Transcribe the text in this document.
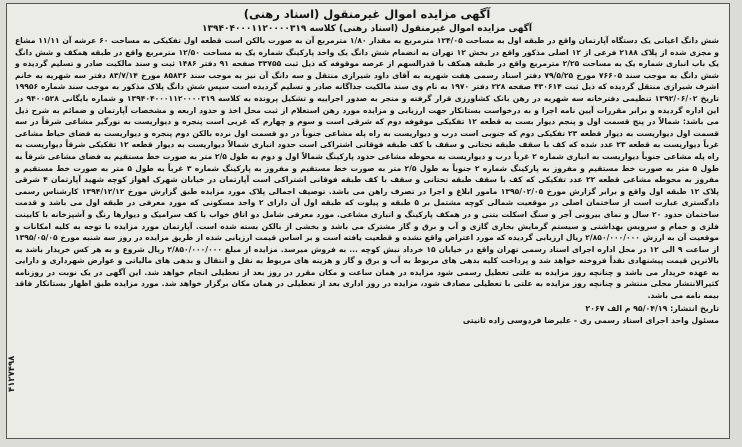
آگهی مزایده اموال غیرمنقول (اسناد رهنی)
آگهی مزایده اموال غیرمنقول (اسناد رهنی) کلاسه ۱۳۹۴۰۴۰۰۰۱۱۲۰۰۰۰۳۱۹

شش دانگ اعیانی یک دستگاه آپارتمان واقع در طبقه اول به مساحت ۱۲۴/۰۵ مترمربع به مقدار ۱/۸۰ مترمربع آن به صورت بالکن است قطعه اول تفکیکی به مساحت ۶۰ عرشه آن ۱۱/۱۱ مشاع و مجزی شده از پلاک ۲۱۸۸ فرعی از ۱۲ اصلی مذکور واقع در بخش ۱۲ تهران به انضمام شش دانگ یک واحد پارکینگ شماره یک به مساحت ۱۲/۵۰ مترمربع واقع در طبقه همکف و شش دانگ یک باب انباری شماره یک به مساحت ۲/۲۵ مترمربع واقع در طبقه همکف با قدرالسهم از عرصه موقوفه که ذیل ثبت ۳۳۷۵۵ صفحه ۹۱ دفتر ۱۴۸۶ ثبت و سند مالکیت صادر و تسلیم گردیده و شش دانگ به موجب سند ۷۶۶۰۵ مورخ ۷۹/۵/۲۵ دفتر اسناد رسمی هفت شهریه به آقای داود شیرازی منتقل و سه دانگ آن نیز به موجب سند ۸۵۸۳۶ مورخ ۸۳/۷/۱۴ دفتر سه شهریه به خانم اشرف شیرازی منتقل گردیده که ذیل ثبت ۴۳۰۶۱۴ صفحه ۲۲۸ دفتر ۱۹۷۰ به نام وی سند مالکیت جداگانه صادر و تسلیم گردیده است سپس شش دانگ پلاک مذکور به موجب سند شماره ۱۹۹۵۶ تاریخ ۱۳۹۲/۰۶/۰۲ تنظیمی دفترخانه سه شهریه در رهن بانک کشاورزی قرار گرفته و منجر به صدور اجراییه و تشکیل پرونده به کلاسه ۱۳۹۴۰۴۰۰۰۱۱۲۰۰۰۰۳۱۹ و شماره بایگانی ۹۴۰۰۵۲۸ در این اداره گردیده و برابر مقررات آیین نامه اجرا و به درخواست بستانکار جهت ارزیابی و مزایده مورد رهن استعلام از ثبت محل اخذ و حدود اربعه و مشخصات آپارتمان و ضمائم به شرح ذیل می باشد: شمالاً در پنج قسمت اول و پنجم دیوار بست به قطعه ۱۲ تفکیکی موقوفه دوم که شرقی است و سوم و چهارم که غربی است پنجره و دیواریست به نورگیر مشاعی شرقاً در سه قسمت اول دیواریست به دیوار قطعه ۲۳ تفکیکی دوم که جنوبی است درب و دیواریست به راه پله مشاعی جنوباً در دو قسمت اول نرده بالکن دوم پنجره و دیواریست به فضای حیاط مشاعی غرباً دیواریست به قطعه ۲۳ عدد شده که کف با سقف طبقه تحتانی و سقف با کف طبقه فوقانی اشتراکی است حدود انباری شمالاً دیواریست به دیوار قطعه ۱۲ تفکیکی شرقاً دیواریست به راه پله مشاعی جنوباً دیواریست به انباری شماره ۲ غرباً درب و دیواریست به محوطه مشاعی حدود پارکینگ شمالاً اول و دوم به طول ۲/۵ متر به صورت خط مستقیم به فضای مشاعی شرقاً به طول ۵ متر به صورت خط مستقیم و مفروز به پارکینگ شماره ۲ جنوباً به طول ۲/۵ متر به صورت خط مستقیم و مفروز به پارکینگ شماره ۳ غرباً به طول ۵ متر به صورت خط مستقیم و مفروز به محوطه مشاعی قطعه ۲۲ عدد تفکیکی که کف با سقف طبقه تحتانی و سقف با کف طبقه فوقانی اشتراکی است آپارتمان در خیابان شهرک اهواز کوچه شهید آپارتمان ۴ شرقی پلاک ۱۲ طبقه اول واقع و برابر گزارش مورخ ۱۳۹۵/۰۲/۰۵ مامور ابلاغ و اجرا در تصرف راهن می باشد. توصیف اجمالی پلاک مورد مزایده طبق گزارش مورخ ۱۳۹۴/۱۲/۱۲ کارشناس رسمی دادگستری عبارت است از ساختمان اصلی در موقعیت شمالی کوچه مشتمل بر ۵ طبقه و پیلوت که طبقه اول آن دارای ۲ واحد مسکونی که مورد معرفی در طبقه اول می باشد و قدمت ساختمان حدود ۲۰ سال و نمای بیرونی آجر و سنگ اسکلت بتنی و در همکف پارکینگ و انباری مشاعی. مورد معرفی شامل دو اتاق خواب با کف سرامیک و دیوارها رنگ و آشپزخانه با کابینت فلزی و حمام و سرویس بهداشتی و سیستم گرمایش بخاری گازی و آب و برق و گاز مشترک می باشد و بخشی از بالکن بسته شده است. آپارتمان مورد مزایده با توجه به کلیه امکانات و موقعیت آن به ارزش ۲/۸۵۰/۰۰۰/۰۰۰ ریال ارزیابی گردیده که مورد اعتراض واقع نشده و قطعیت یافته است و بر اساس قیمت ارزیابی شده از طریق مزایده در روز سه شنبه مورخ ۱۳۹۵/۰۵/۰۵ از ساعت ۹ الی ۱۲ در محل اداره اجرای اسناد رسمی تهران واقع در خیابان ۱۵ خرداد نبش کوچه ... به فروش میرسد. مزایده از مبلغ ۲/۸۵۰/۰۰۰/۰۰۰ ریال شروع و به هر کس خریدار باشد به بالاترین قیمت پیشنهادی نقداً فروخته خواهد شد و پرداخت کلیه بدهی های مربوط به آب و برق و گاز و هزینه های مربوط به نقل و انتقال و بدهی های مالیاتی و عوارض شهرداری و دارایی به عهده خریدار می باشد و چنانچه روز مزایده به علتی تعطیل رسمی شود مزایده در همان ساعت و مکان مقرر در روز بعد از تعطیلی انجام خواهد شد. این آگهی در یک نوبت در روزنامه کثیرالانتشار محلی منتشر و چنانچه روز مزایده به علتی با تعطیلی مصادف شود، مزایده در روز اداری بعد از تعطیلی در همان مکان برگزار خواهد شد. مورد مزایده طبق اظهار بستانکار فاقد بیمه نامه می باشد.

تاریخ انتشار: ۹۵/۰۴/۱۹ م الف ۲۰۶۷
مسئول واحد اجرای اسناد رسمی ری - علیرضا فردوسی زاده ثانیتی
۴۱۲۷۴۹۸
